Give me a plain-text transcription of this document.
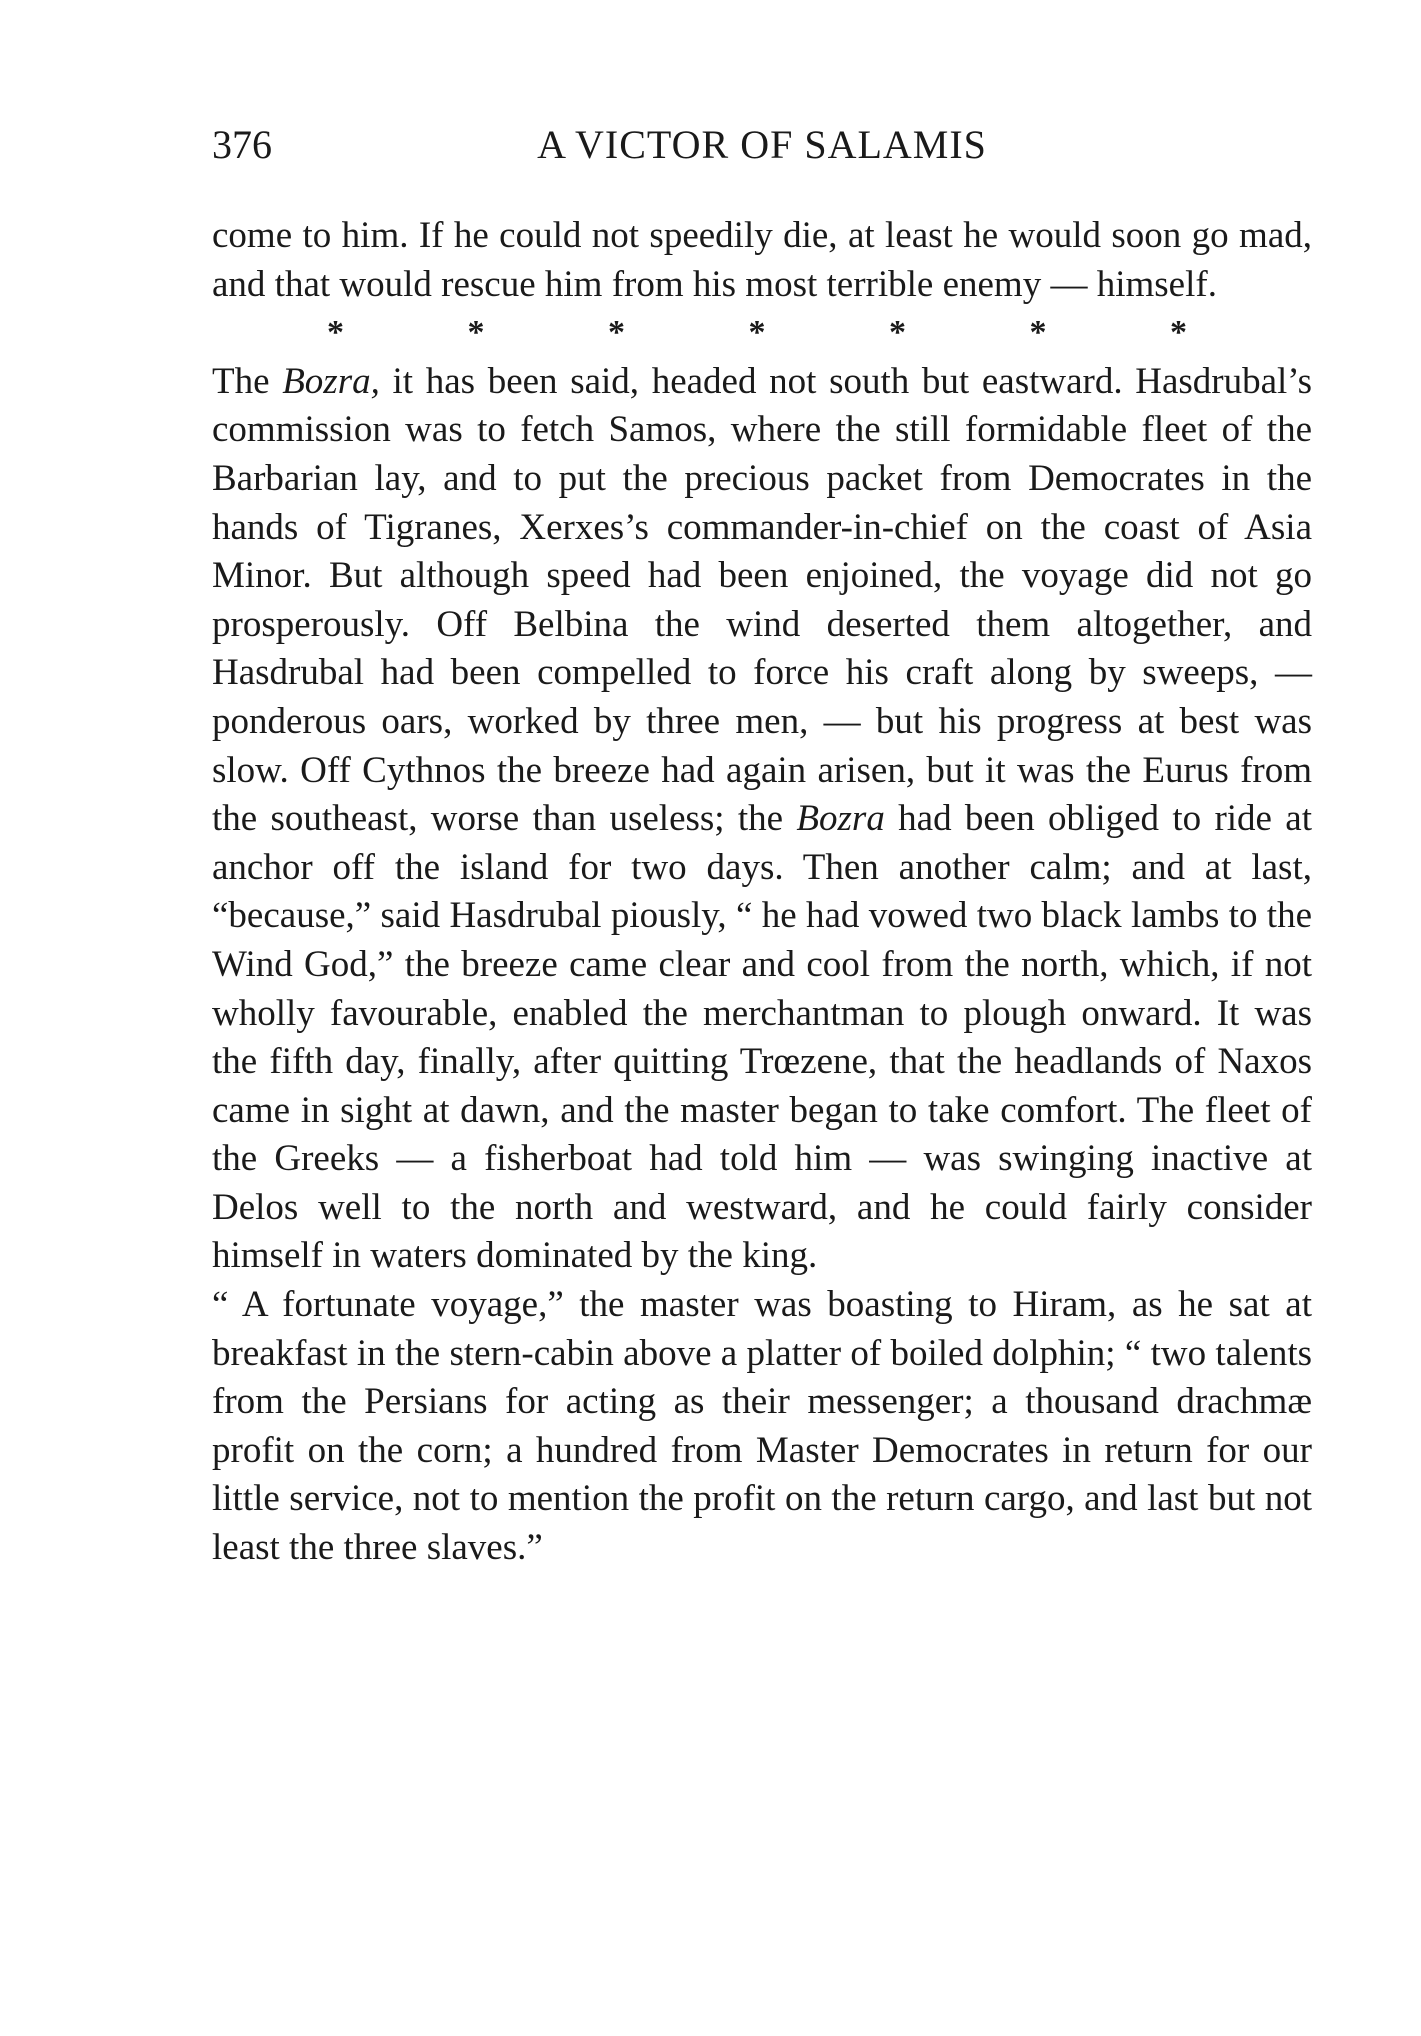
376	A VICTOR OF SALAMIS

come to him. If he could not speedily die, at least he would soon go mad, and that would rescue him from his most terrible enemy — himself.

*	*	*	*	*	*	*

The Bozra, it has been said, headed not south but eastward. Hasdrubal’s commission was to fetch Samos, where the still formidable fleet of the Barbarian lay, and to put the precious packet from Democrates in the hands of Tigranes, Xerxes’s commander-in-chief on the coast of Asia Minor. But although speed had been enjoined, the voyage did not go prosperously. Off Belbina the wind deserted them altogether, and Hasdrubal had been compelled to force his craft along by sweeps, — ponderous oars, worked by three men, — but his progress at best was slow. Off Cythnos the breeze had again arisen, but it was the Eurus from the southeast, worse than useless; the Bozra had been obliged to ride at anchor off the island for two days. Then another calm; and at last, “because,” said Hasdrubal piously, “ he had vowed two black lambs to the Wind God,” the breeze came clear and cool from the north, which, if not wholly favourable, enabled the merchantman to plough onward. It was the fifth day, finally, after quitting Trœzene, that the headlands of Naxos came in sight at dawn, and the master began to take comfort. The fleet of the Greeks — a fisherboat had told him — was swinging inactive at Delos well to the north and westward, and he could fairly consider himself in waters dominated by the king.

“ A fortunate voyage,” the master was boasting to Hiram, as he sat at breakfast in the stern-cabin above a platter of boiled dolphin; “ two talents from the Persians for acting as their messenger; a thousand drachmæ profit on the corn; a hundred from Master Democrates in return for our little service, not to mention the profit on the return cargo, and last but not least the three slaves.”
